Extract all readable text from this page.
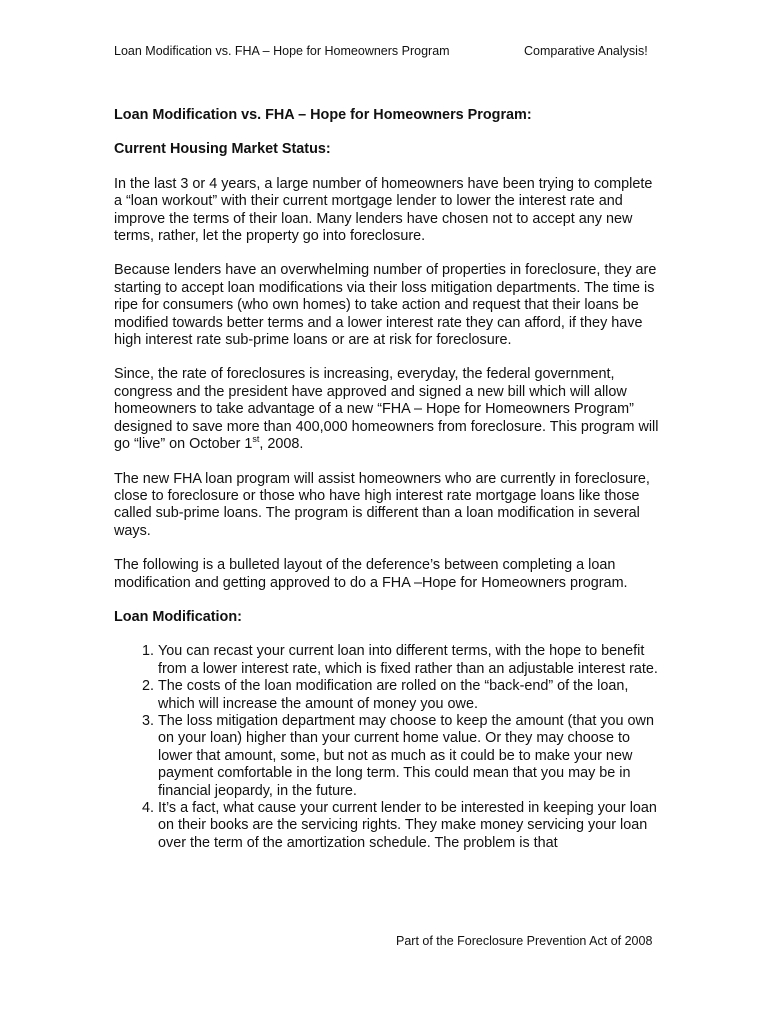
Loan Modification vs. FHA – Hope for Homeowners Program	Comparative Analysis!
Loan Modification vs. FHA – Hope for Homeowners Program:
Current Housing Market Status:

In the last 3 or 4 years, a large number of homeowners have been trying to complete a “loan workout” with their current mortgage lender to lower the interest rate and improve the terms of their loan. Many lenders have chosen not to accept any new terms, rather, let the property go into foreclosure.

Because lenders have an overwhelming number of properties in foreclosure, they are starting to accept loan modifications via their loss mitigation departments. The time is ripe for consumers (who own homes) to take action and request that their loans be modified towards better terms and a lower interest rate they can afford, if they have high interest rate sub-prime loans or are at risk for foreclosure.

Since, the rate of foreclosures is increasing, everyday, the federal government, congress and the president have approved and signed a new bill which will allow homeowners to take advantage of a new “FHA – Hope for Homeowners Program” designed to save more than 400,000 homeowners from foreclosure. This program will go “live” on October 1st, 2008.

The new FHA loan program will assist homeowners who are currently in foreclosure, close to foreclosure or those who have high interest rate mortgage loans like those called sub-prime loans. The program is different than a loan modification in several ways.

The following is a bulleted layout of the deference’s between completing a loan modification and getting approved to do a FHA –Hope for Homeowners program.

Loan Modification:
1. You can recast your current loan into different terms, with the hope to benefit from a lower interest rate, which is fixed rather than an adjustable interest rate.
2. The costs of the loan modification are rolled on the “back-end” of the loan, which will increase the amount of money you owe.
3. The loss mitigation department may choose to keep the amount (that you own on your loan) higher than your current home value. Or they may choose to lower that amount, some, but not as much as it could be to make your new payment comfortable in the long term. This could mean that you may be in financial jeopardy, in the future.
4. It’s a fact, what cause your current lender to be interested in keeping your loan on their books are the servicing rights. They make money servicing your loan over the term of the amortization schedule. The problem is that
Part of the Foreclosure Prevention Act of 2008
